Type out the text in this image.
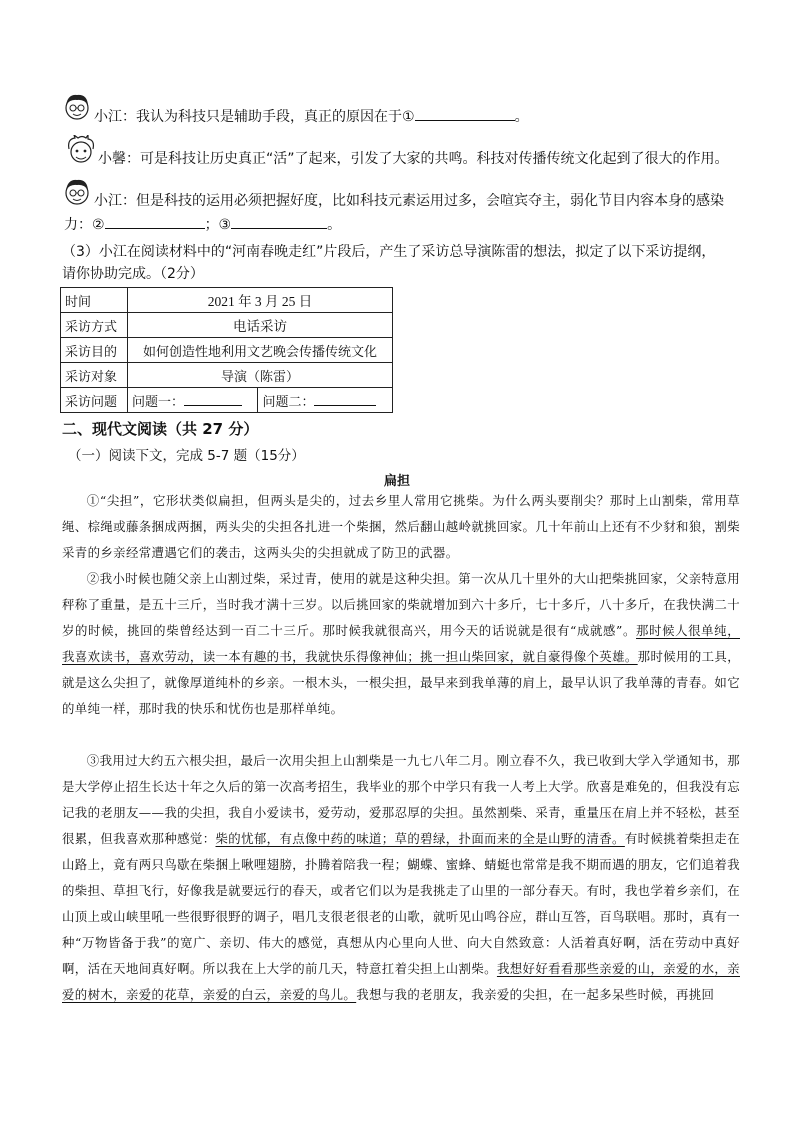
小江：我认为科技只是辅助手段，真正的原因在于①	。
小馨：可是科技让历史真正“活”了起来，引发了大家的共鸣。科技对传播传统文化起到了很大的作用。
小江：但是科技的运用必须把握好度，比如科技元素运用过多，会喧宾夺主，弱化节目内容本身的感染
力：②	；③	。
（3）小江在阅读材料中的“河南春晚走红”片段后，产生了采访总导演陈雷的想法，拟定了以下采访提纲，
请你协助完成。（2分）
时间	2021 年 3 月 25 日	
采访方式	电话采访	
采访目的	如何创造性地利用文艺晚会传播传统文化	
采访对象	导演（陈雷）	
采访问题	问题一：	问题二：
二、现代文阅读（共 27 分）
（一）阅读下文，完成 5-7 题（15分）
扁担
①“尖担”，它形状类似扁担，但两头是尖的，过去乡里人常用它挑柴。为什么两头要削尖？那时上山割柴，常用草绳、棕绳或藤条捆成两捆，两头尖的尖担各扎进一个柴捆，然后翻山越岭就挑回家。几十年前山上还有不少豺和狼，割柴采青的乡亲经常遭遇它们的袭击，这两头尖的尖担就成了防卫的武器。
②我小时候也随父亲上山割过柴，采过青，使用的就是这种尖担。第一次从几十里外的大山把柴挑回家，父亲特意用秤称了重量，是五十三斤，当时我才满十三岁。以后挑回家的柴就增加到六十多斤，七十多斤，八十多斤，在我快满二十岁的时候，挑回的柴曾经达到一百二十三斤。那时候我就很高兴，用今天的话说就是很有“成就感”。那时候人很单纯，我喜欢读书，喜欢劳动，读一本有趣的书，我就快乐得像神仙；挑一担山柴回家，就自豪得像个英雄。那时候用的工具，就是这么尖担了，就像厚道纯朴的乡亲。一根木头，一根尖担，最早来到我单薄的肩上，最早认识了我单薄的青春。如它的单纯一样，那时我的快乐和忧伤也是那样单纯。
③我用过大约五六根尖担，最后一次用尖担上山割柴是一九七八年二月。刚立春不久，我已收到大学入学通知书，那是大学停止招生长达十年之久后的第一次高考招生，我毕业的那个中学只有我一人考上大学。欣喜是难免的，但我没有忘记我的老朋友——我的尖担，我自小爱读书，爱劳动，爱那忍厚的尖担。虽然割柴、采青，重量压在肩上并不轻松，甚至很累，但我喜欢那种感觉：柴的忧郁，有点像中药的味道；草的碧绿，扑面而来的全是山野的清香。有时候挑着柴担走在山路上，竟有两只鸟歇在柴捆上啾哩翅膀，扑腾着陪我一程；蝴蝶、蜜蜂、蜻蜓也常常是我不期而遇的朋友，它们追着我的柴担、草担飞行，好像我是就要远行的春天，或者它们以为是我挑走了山里的一部分春天。有时，我也学着乡亲们，在山顶上或山峡里吼一些很野很野的调子，唱几支很老很老的山歌，就听见山鸣谷应，群山互答，百鸟联唱。那时，真有一种“万物皆备于我”的宽广、亲切、伟大的感觉，真想从内心里向人世、向大自然致意：人活着真好啊，活在劳动中真好啊，活在天地间真好啊。所以我在上大学的前几天，特意扛着尖担上山割柴。我想好好看看那些亲爱的山，亲爱的水，亲爱的树木，亲爱的花草，亲爱的白云，亲爱的鸟儿。我想与我的老朋友，我亲爱的尖担，在一起多呆些时候，再挑回
